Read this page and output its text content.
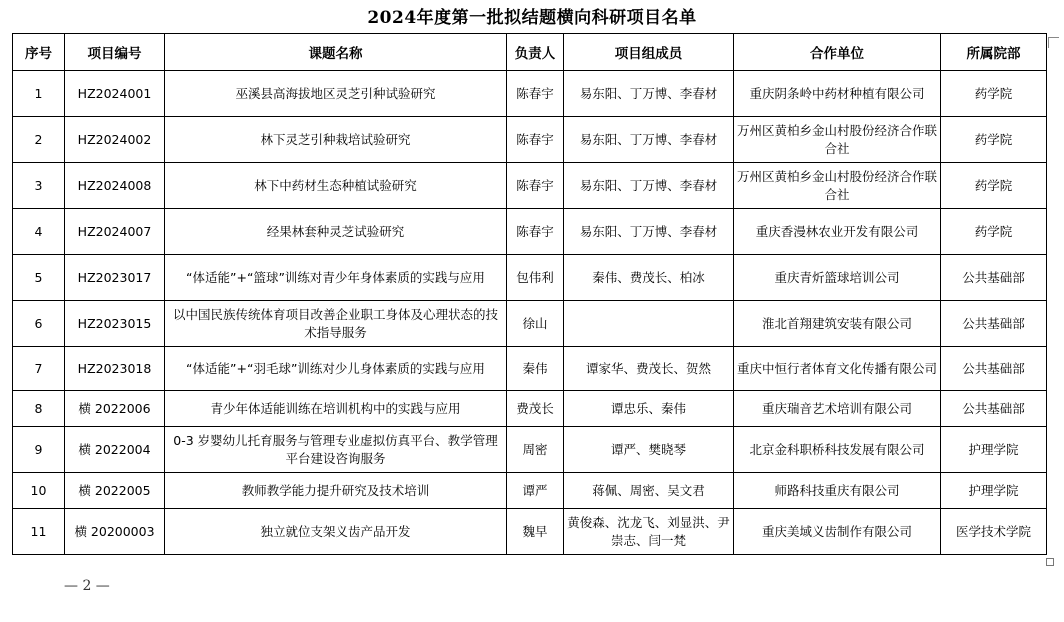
2024年度第一批拟结题横向科研项目名单
序号	项目编号	课题名称	负责人	项目组成员	合作单位	所属院部
1	HZ2024001	巫溪县高海拔地区灵芝引种试验研究	陈春宇	易东阳、丁万博、李春材	重庆阴条岭中药材种植有限公司	药学院
2	HZ2024002	林下灵芝引种栽培试验研究	陈春宇	易东阳、丁万博、李春材	万州区黄柏乡金山村股份经济合作联合社	药学院
3	HZ2024008	林下中药材生态种植试验研究	陈春宇	易东阳、丁万博、李春材	万州区黄柏乡金山村股份经济合作联合社	药学院
4	HZ2024007	经果林套种灵芝试验研究	陈春宇	易东阳、丁万博、李春材	重庆香漫林农业开发有限公司	药学院
5	HZ2023017	“体适能”+“篮球”训练对青少年身体素质的实践与应用	包伟利	秦伟、费茂长、柏冰	重庆青炘篮球培训公司	公共基础部
6	HZ2023015	以中国民族传统体育项目改善企业职工身体及心理状态的技术指导服务	徐山		淮北首翔建筑安装有限公司	公共基础部
7	HZ2023018	“体适能”+“羽毛球”训练对少儿身体素质的实践与应用	秦伟	谭家华、费茂长、贺然	重庆中恒行者体育文化传播有限公司	公共基础部
8	横 2022006	青少年体适能训练在培训机构中的实践与应用	费茂长	谭忠乐、秦伟	重庆瑞音艺术培训有限公司	公共基础部
9	横 2022004	0-3 岁婴幼儿托育服务与管理专业虚拟仿真平台、教学管理平台建设咨询服务	周密	谭严、樊晓琴	北京金科职桥科技发展有限公司	护理学院
10	横 2022005	教师教学能力提升研究及技术培训	谭严	蒋佩、周密、吴文君	师路科技重庆有限公司	护理学院
11	横 20200003	独立就位支架义齿产品开发	魏早	黄俊森、沈龙飞、刘显洪、尹崇志、闫一梵	重庆美域义齿制作有限公司	医学技术学院
— 2 —
